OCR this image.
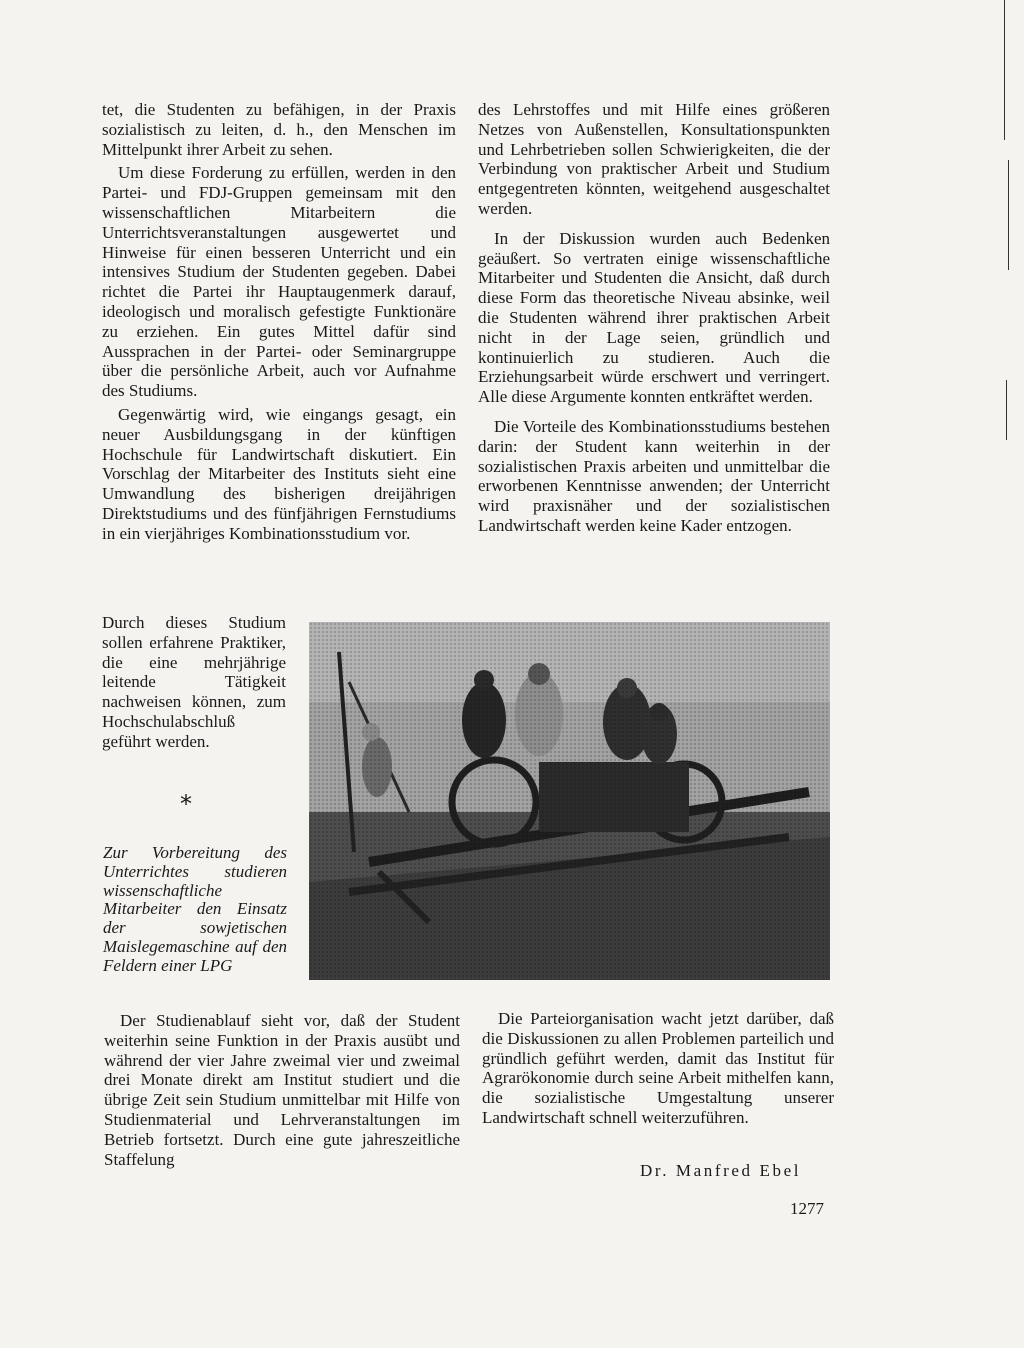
tet, die Studenten zu befähigen, in der Praxis sozialistisch zu leiten, d. h., den Menschen im Mittelpunkt ihrer Arbeit zu sehen.

Um diese Forderung zu erfüllen, werden in den Partei- und FDJ-Gruppen gemeinsam mit den wissenschaftlichen Mitarbeitern die Unterrichtsveranstaltungen ausgewertet und Hinweise für einen besseren Unterricht und ein intensives Studium der Studenten gegeben. Dabei richtet die Partei ihr Hauptaugenmerk darauf, ideologisch und moralisch gefestigte Funktionäre zu erziehen. Ein gutes Mittel dafür sind Aussprachen in der Partei- oder Seminargruppe über die persönliche Arbeit, auch vor Aufnahme des Studiums.

Gegenwärtig wird, wie eingangs gesagt, ein neuer Ausbildungsgang in der künftigen Hochschule für Landwirtschaft diskutiert. Ein Vorschlag der Mitarbeiter des Instituts sieht eine Umwandlung des bisherigen dreijährigen Direktstudiums und des fünfjährigen Fernstudiums in ein vierjähriges Kombinationsstudium vor.

Durch dieses Studium sollen erfahrene Praktiker, die eine mehrjährige leitende Tätigkeit nachweisen können, zum Hochschulabschluß geführt werden.

des Lehrstoffes und mit Hilfe eines größeren Netzes von Außenstellen, Konsultationspunkten und Lehrbetrieben sollen Schwierigkeiten, die der Verbindung von praktischer Arbeit und Studium entgegentreten könnten, weitgehend ausgeschaltet werden.

In der Diskussion wurden auch Bedenken geäußert. So vertraten einige wissenschaftliche Mitarbeiter und Studenten die Ansicht, daß durch diese Form das theoretische Niveau absinke, weil die Studenten während ihrer praktischen Arbeit nicht in der Lage seien, gründlich und kontinuierlich zu studieren. Auch die Erziehungsarbeit würde erschwert und verringert. Alle diese Argumente konnten entkräftet werden.

Die Vorteile des Kombinationsstudiums bestehen darin: der Student kann weiterhin in der sozialistischen Praxis arbeiten und unmittelbar die erworbenen Kenntnisse anwenden; der Unterricht wird praxisnäher und der sozialistischen Landwirtschaft werden keine Kader entzogen.

*
Zur Vorbereitung des Unterrichtes studieren wissenschaftliche Mitarbeiter den Einsatz der sowjetischen Maislegemaschine auf den Feldern einer LPG

Der Studienablauf sieht vor, daß der Student weiterhin seine Funktion in der Praxis ausübt und während der vier Jahre zweimal vier und zweimal drei Monate direkt am Institut studiert und die übrige Zeit sein Studium unmittelbar mit Hilfe von Studienmaterial und Lehrveranstaltungen im Betrieb fortsetzt. Durch eine gute jahreszeitliche Staffelung

Die Parteiorganisation wacht jetzt darüber, daß die Diskussionen zu allen Problemen parteilich und gründlich geführt werden, damit das Institut für Agrarökonomie durch seine Arbeit mithelfen kann, die sozialistische Umgestaltung unserer Landwirtschaft schnell weiterzuführen.

Dr. Manfred Ebel
1277
